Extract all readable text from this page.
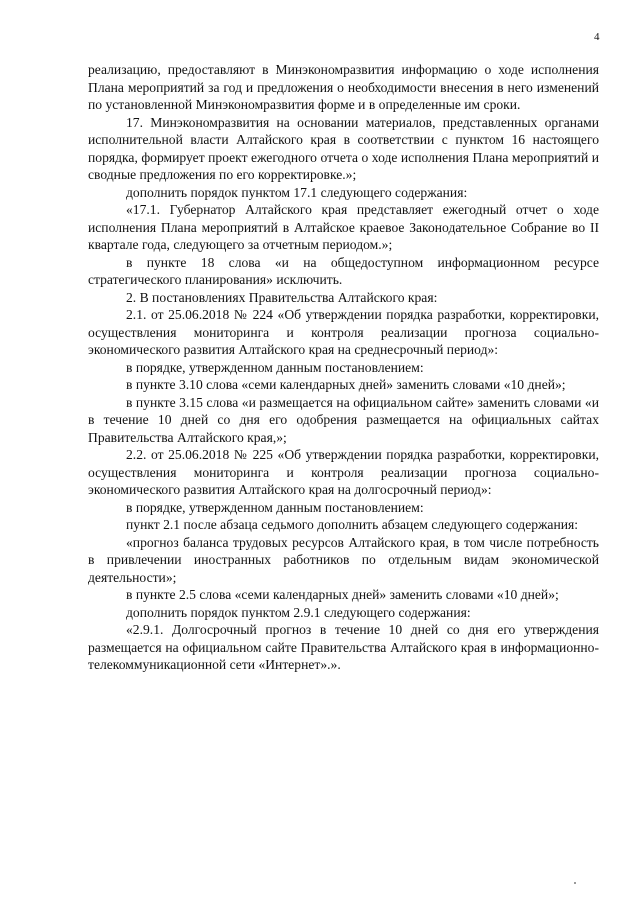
4

реализацию, предоставляют в Минэкономразвития информацию о ходе исполнения Плана мероприятий за год и предложения о необходимости внесения в него изменений по установленной Минэкономразвития форме и в определенные им сроки.

17. Минэкономразвития на основании материалов, представленных органами исполнительной власти Алтайского края в соответствии с пунктом 16 настоящего порядка, формирует проект ежегодного отчета о ходе исполнения Плана мероприятий и сводные предложения по его корректировке.»;

дополнить порядок пунктом 17.1 следующего содержания:

«17.1. Губернатор Алтайского края представляет ежегодный отчет о ходе исполнения Плана мероприятий в Алтайское краевое Законодательное Собрание во II квартале года, следующего за отчетным периодом.»;

в пункте 18 слова «и на общедоступном информационном ресурсе стратегического планирования» исключить.

2. В постановлениях Правительства Алтайского края:

2.1. от 25.06.2018 № 224 «Об утверждении порядка разработки, корректировки, осуществления мониторинга и контроля реализации прогноза социально-экономического развития Алтайского края на среднесрочный период»:

в порядке, утвержденном данным постановлением:

в пункте 3.10 слова «семи календарных дней» заменить словами «10 дней»;

в пункте 3.15 слова «и размещается на официальном сайте» заменить словами «и в течение 10 дней со дня его одобрения размещается на официальных сайтах Правительства Алтайского края,»;

2.2. от 25.06.2018 № 225 «Об утверждении порядка разработки, корректировки, осуществления мониторинга и контроля реализации прогноза социально-экономического развития Алтайского края на долгосрочный период»:

в порядке, утвержденном данным постановлением:

пункт 2.1 после абзаца седьмого дополнить абзацем следующего содержания:

«прогноз баланса трудовых ресурсов Алтайского края, в том числе потребность в привлечении иностранных работников по отдельным видам экономической деятельности»;

в пункте 2.5 слова «семи календарных дней» заменить словами «10 дней»;

дополнить порядок пунктом 2.9.1 следующего содержания:

«2.9.1. Долгосрочный прогноз в течение 10 дней со дня его утверждения размещается на официальном сайте Правительства Алтайского края в информационно-телекоммуникационной сети «Интернет».».
